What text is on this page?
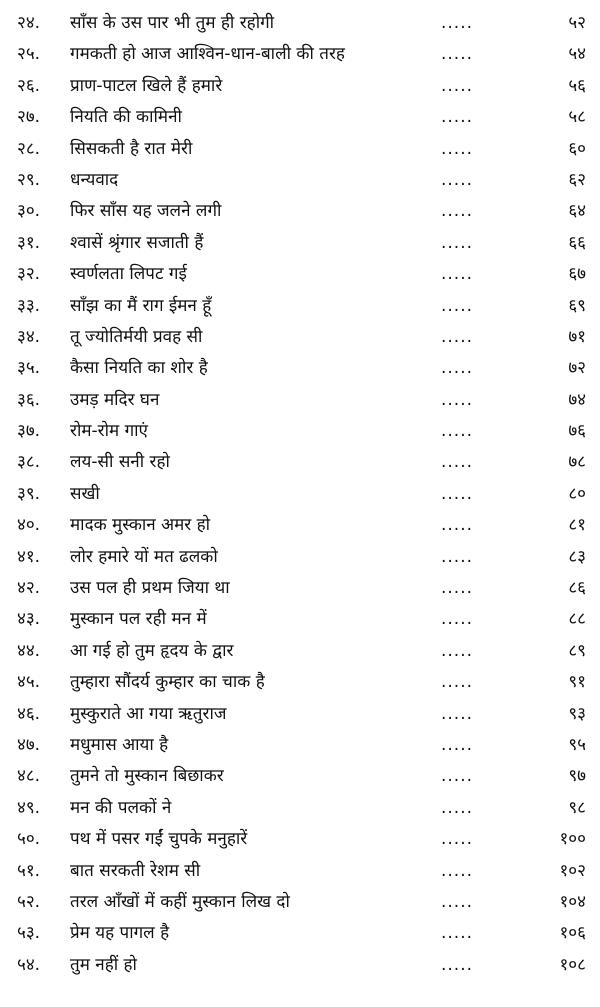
२४. साँस के उस पार भी तुम ही रहोगी	.....	५२
२५. गमकती हो आज आश्विन-धान-बाली की तरह	.....	५४
२६. प्राण-पाटल खिले हैं हमारे	.....	५६
२७. नियति की कामिनी	.....	५८
२८. सिसकती है रात मेरी	.....	६०
२९. धन्यवाद	.....	६२
३०. फिर साँस यह जलने लगी	.....	६४
३१. श्वासें श्रृंगार सजाती हैं	.....	६६
३२. स्वर्णलता लिपट गई	.....	६७
३३. साँझ का मैं राग ईमन हूँ	.....	६९
३४. तू ज्योतिर्मयी प्रवह सी	.....	७१
३५. कैसा नियति का शोर है	.....	७२
३६. उमड़ मदिर घन	.....	७४
३७. रोम-रोम गाएं	.....	७६
३८. लय-सी सनी रहो	.....	७८
३९. सखी	.....	८०
४०. मादक मुस्कान अमर हो	.....	८१
४१. लोर हमारे यों मत ढलको	.....	८३
४२. उस पल ही प्रथम जिया था	.....	८६
४३. मुस्कान पल रही मन में	.....	८८
४४. आ गई हो तुम हृदय के द्वार	.....	८९
४५. तुम्हारा सौंदर्य कुम्हार का चाक है	.....	९१
४६. मुस्कुराते आ गया ऋतुराज	.....	९३
४७. मधुमास आया है	.....	९५
४८. तुमने तो मुस्कान बिछाकर	.....	९७
४९. मन की पलकों ने	.....	९८
५०. पथ में पसर गईं चुपके मनुहारें	.....	१००
५१. बात सरकती रेशम सी	.....	१०२
५२. तरल आँखों में कहीं मुस्कान लिख दो	.....	१०४
५३. प्रेम यह पागल है	.....	१०६
५४. तुम नहीं हो	.....	१०८
